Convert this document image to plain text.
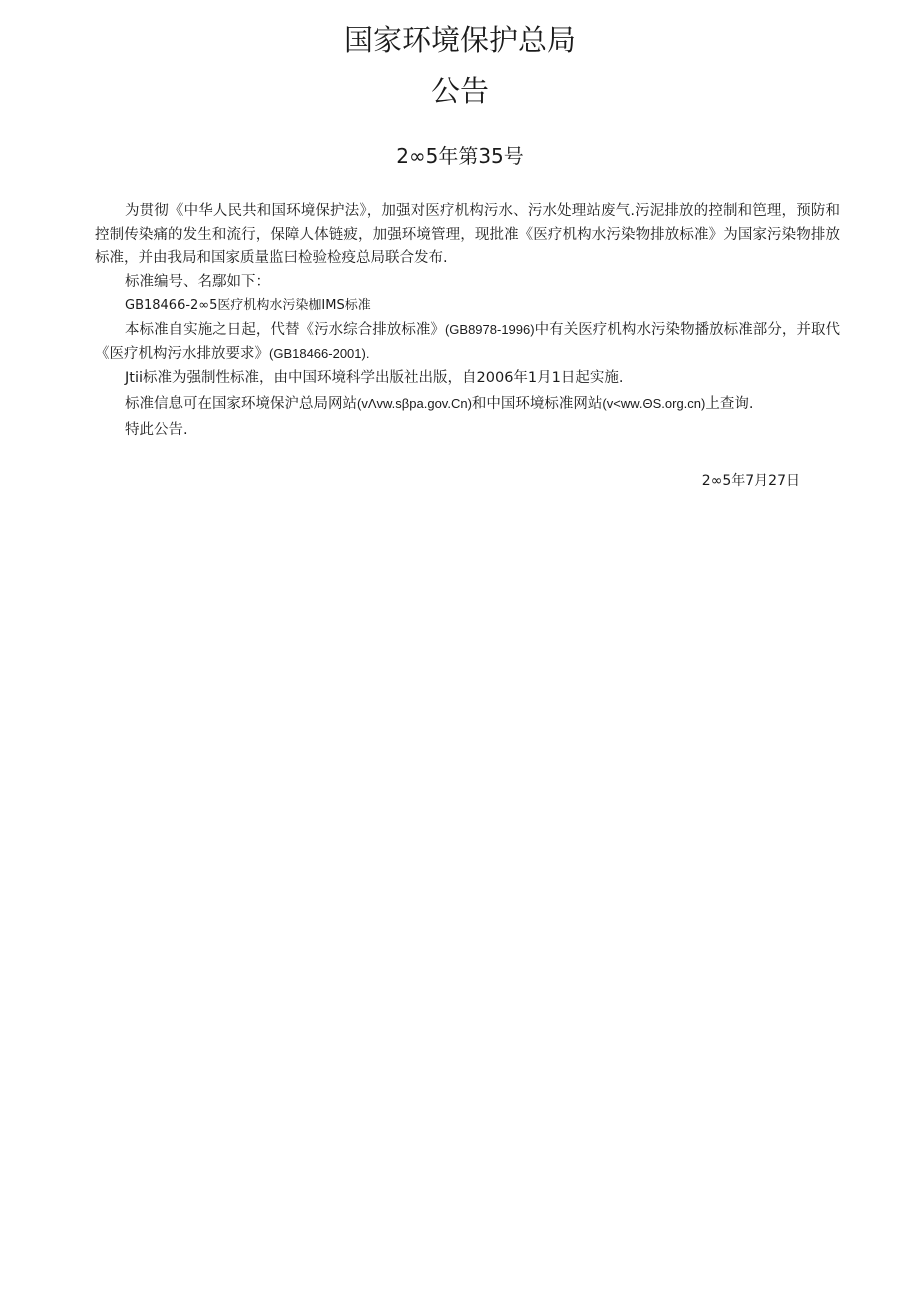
国家环境保护总局
公告
2∞5年第35号

为贯彻《中华人民共和国环境保护法》，加强对医疗机构污水、污水处理站废气.污泥排放的控制和笆理，预防和控制传染痛的发生和流行，保障人体链疲，加强环境管理，现批准《医疗机构水污染物排放标准》为国家污染物排放标准，并由我局和国家质量监曰检验检疫总局联合发布.

标准编号、名鄢如下：

GB18466-2∞5医疗机构水污染枷IMS标准

本标准自实施之日起，代替《污水综合排放标准》(GB8978-1996)中有关医疗机构水污染物播放标准部分，并取代《医疗机构污水排放要求》(GB18466-2001).

Jtii标准为强制性标准，由中国环境科学出版社出版，自2006年1月1日起实施.

标准信息可在国家环境保沪总局网站(vΛvw.sβpa.gov.Cn)和中国环境标准网站(v<ww.ΘS.org.cn)上查询.

特此公告.

2∞5年7月27日
